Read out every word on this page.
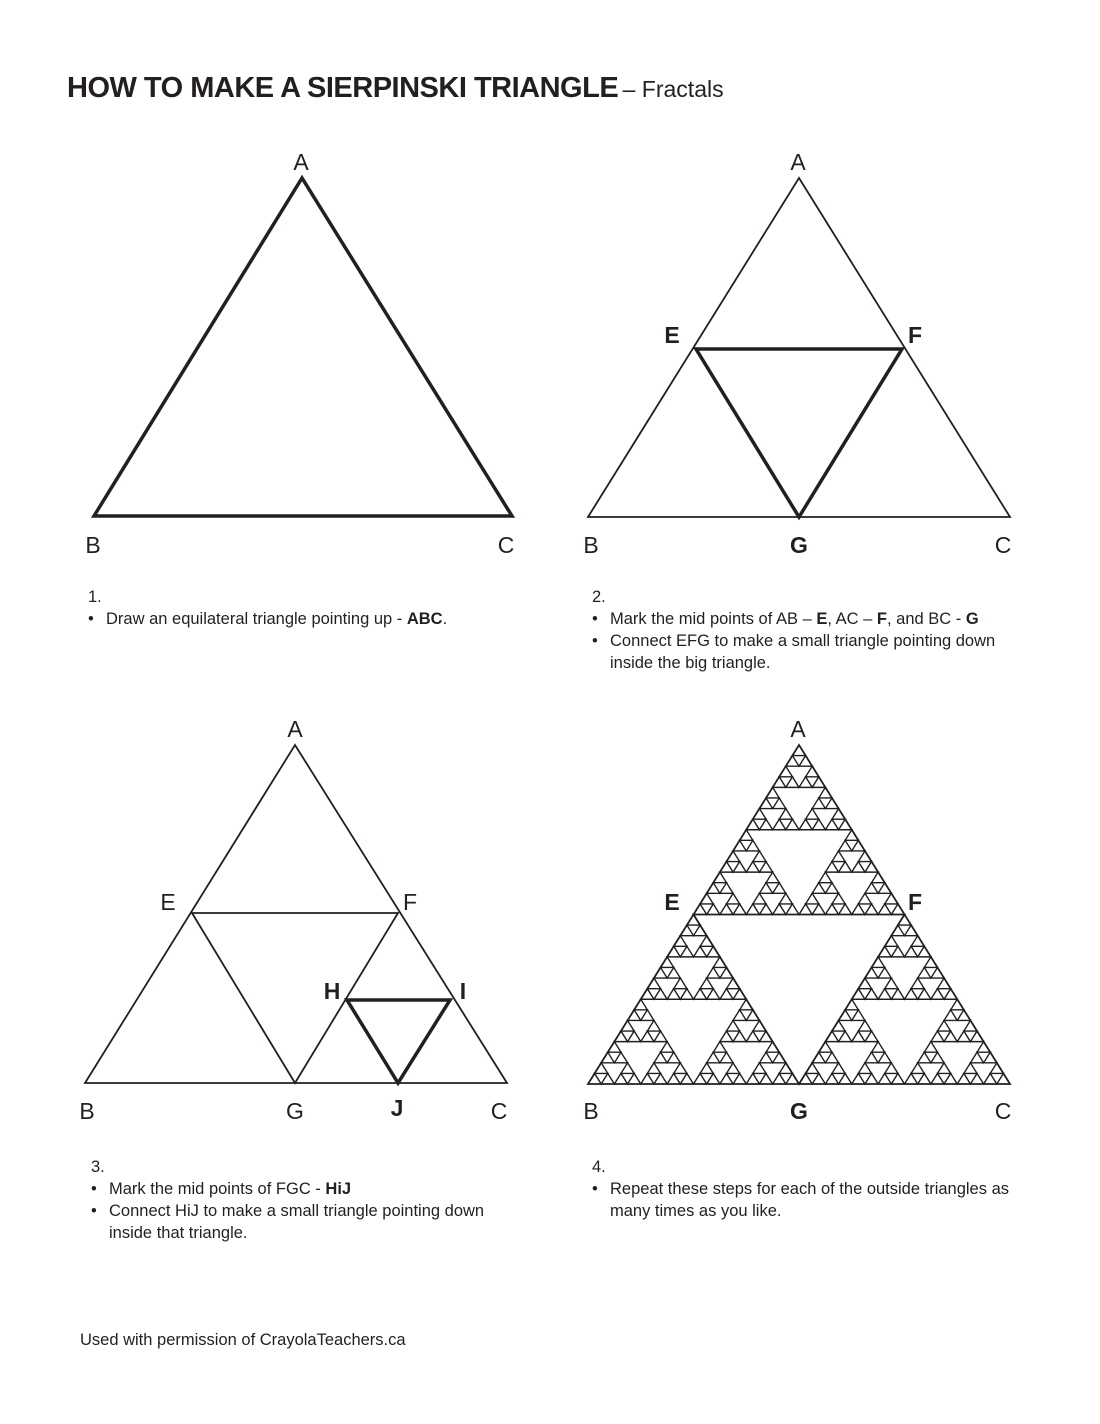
HOW TO MAKE A SIERPINSKI TRIANGLE – Fractals
A
B	C
A
E	F
B	G	C
A
E	F
H	I
B	G	J	C
A
E	F
B	G	C
1.
• Draw an equilateral triangle pointing up - ABC.
2.
• Mark the mid points of AB – E, AC – F, and BC - G
• Connect EFG to make a small triangle pointing down inside the big triangle.
3.
• Mark the mid points of FGC - HiJ
• Connect HiJ to make a small triangle pointing down inside that triangle.
4.
• Repeat these steps for each of the outside triangles as many times as you like.
Used with permission of CrayolaTeachers.ca
